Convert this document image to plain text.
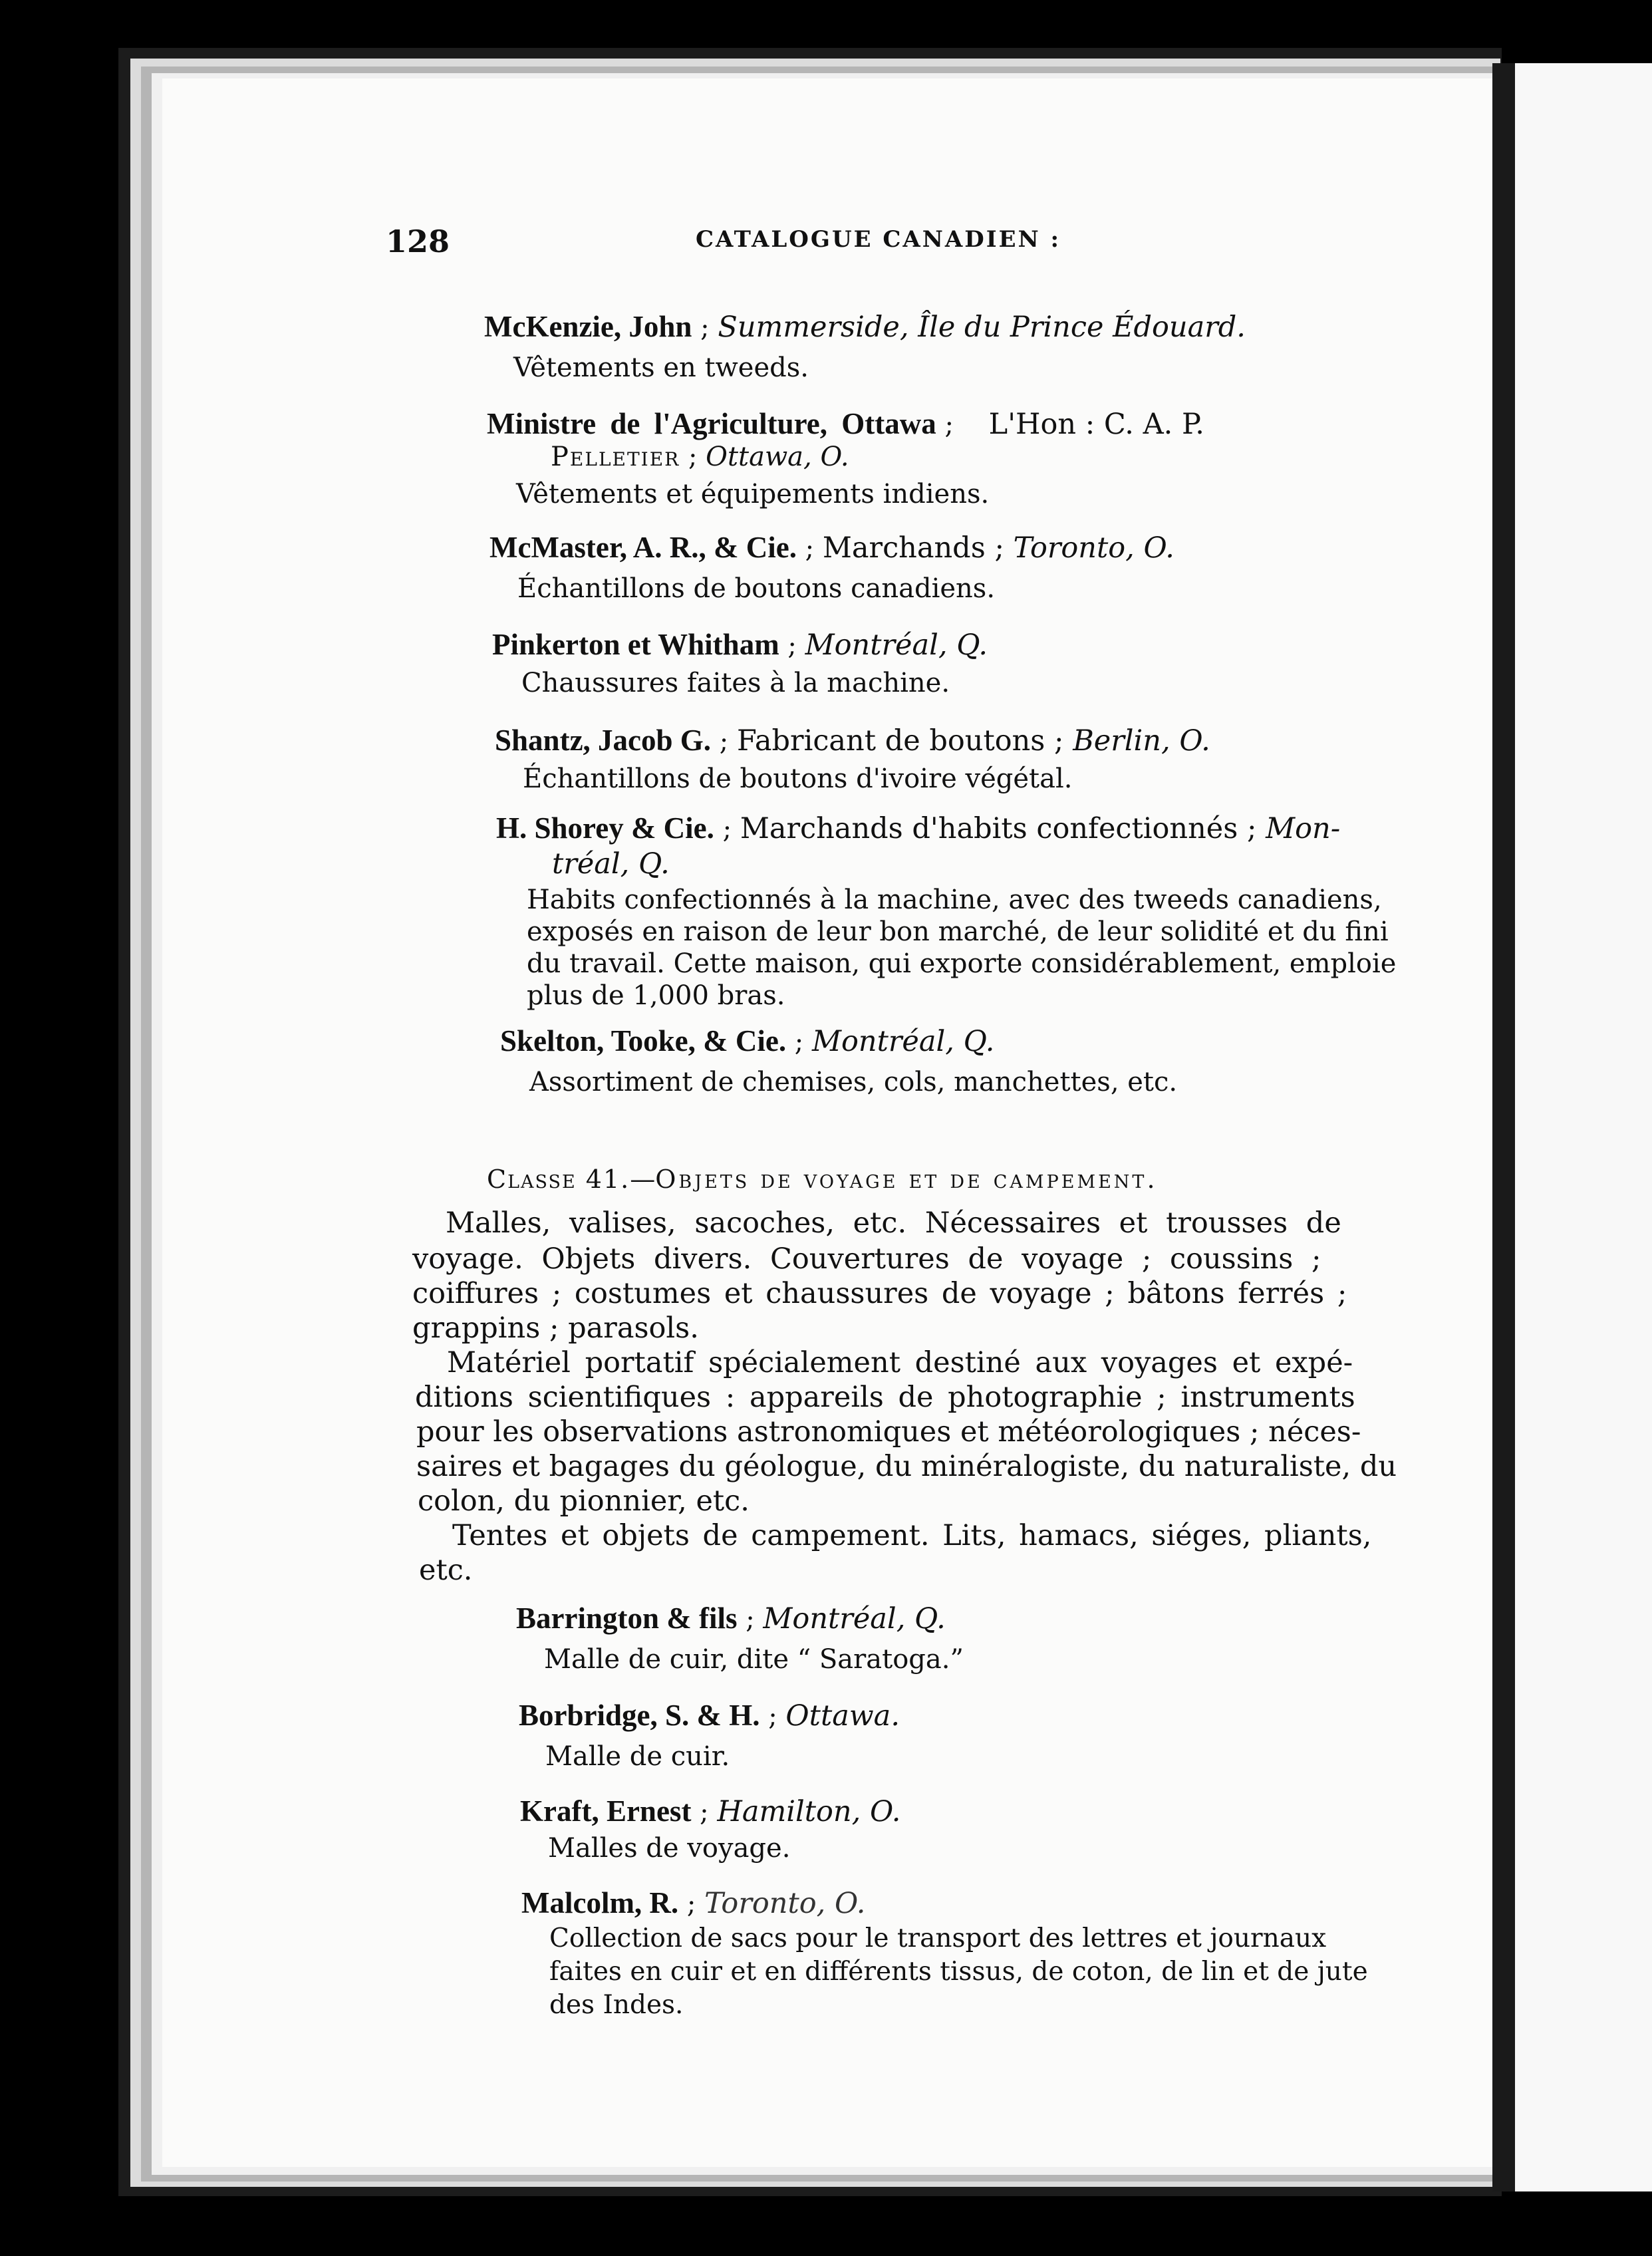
128	CATALOGUE CANADIEN :
McKenzie, John ; Summerside, Île du Prince Édouard.
Vêtements en tweeds.
Ministre de l'Agriculture, Ottawa ; L'Hon : C. A. P.
Pelletier ; Ottawa, O.
Vêtements et équipements indiens.
McMaster, A. R., & Cie. ; Marchands ; Toronto, O.
Échantillons de boutons canadiens.
Pinkerton et Whitham ; Montréal, Q.
Chaussures faites à la machine.
Shantz, Jacob G. ; Fabricant de boutons ; Berlin, O.
Échantillons de boutons d'ivoire végétal.
H. Shorey & Cie. ; Marchands d'habits confectionnés ; Mon-
tréal, Q.
Habits confectionnés à la machine, avec des tweeds canadiens,
exposés en raison de leur bon marché, de leur solidité et du fini
du travail. Cette maison, qui exporte considérablement, emploie
plus de 1,000 bras.
Skelton, Tooke, & Cie. ; Montréal, Q.
Assortiment de chemises, cols, manchettes, etc.
Classe 41.—Objets de voyage et de campement.
Malles, valises, sacoches, etc. Nécessaires et trousses de
voyage. Objets divers. Couvertures de voyage ; coussins ;
coiffures ; costumes et chaussures de voyage ; bâtons ferrés ;
grappins ; parasols.
Matériel portatif spécialement destiné aux voyages et expé-
ditions scientifiques : appareils de photographie ; instruments
pour les observations astronomiques et météorologiques ; néces-
saires et bagages du géologue, du minéralogiste, du naturaliste, du
colon, du pionnier, etc.
Tentes et objets de campement. Lits, hamacs, siéges, pliants,
etc.
Barrington & fils ; Montréal, Q.
Malle de cuir, dite “ Saratoga.”
Borbridge, S. & H. ; Ottawa.
Malle de cuir.
Kraft, Ernest ; Hamilton, O.
Malles de voyage.
Malcolm, R. ; Toronto, O.
Collection de sacs pour le transport des lettres et journaux
faites en cuir et en différents tissus, de coton, de lin et de jute
des Indes.
